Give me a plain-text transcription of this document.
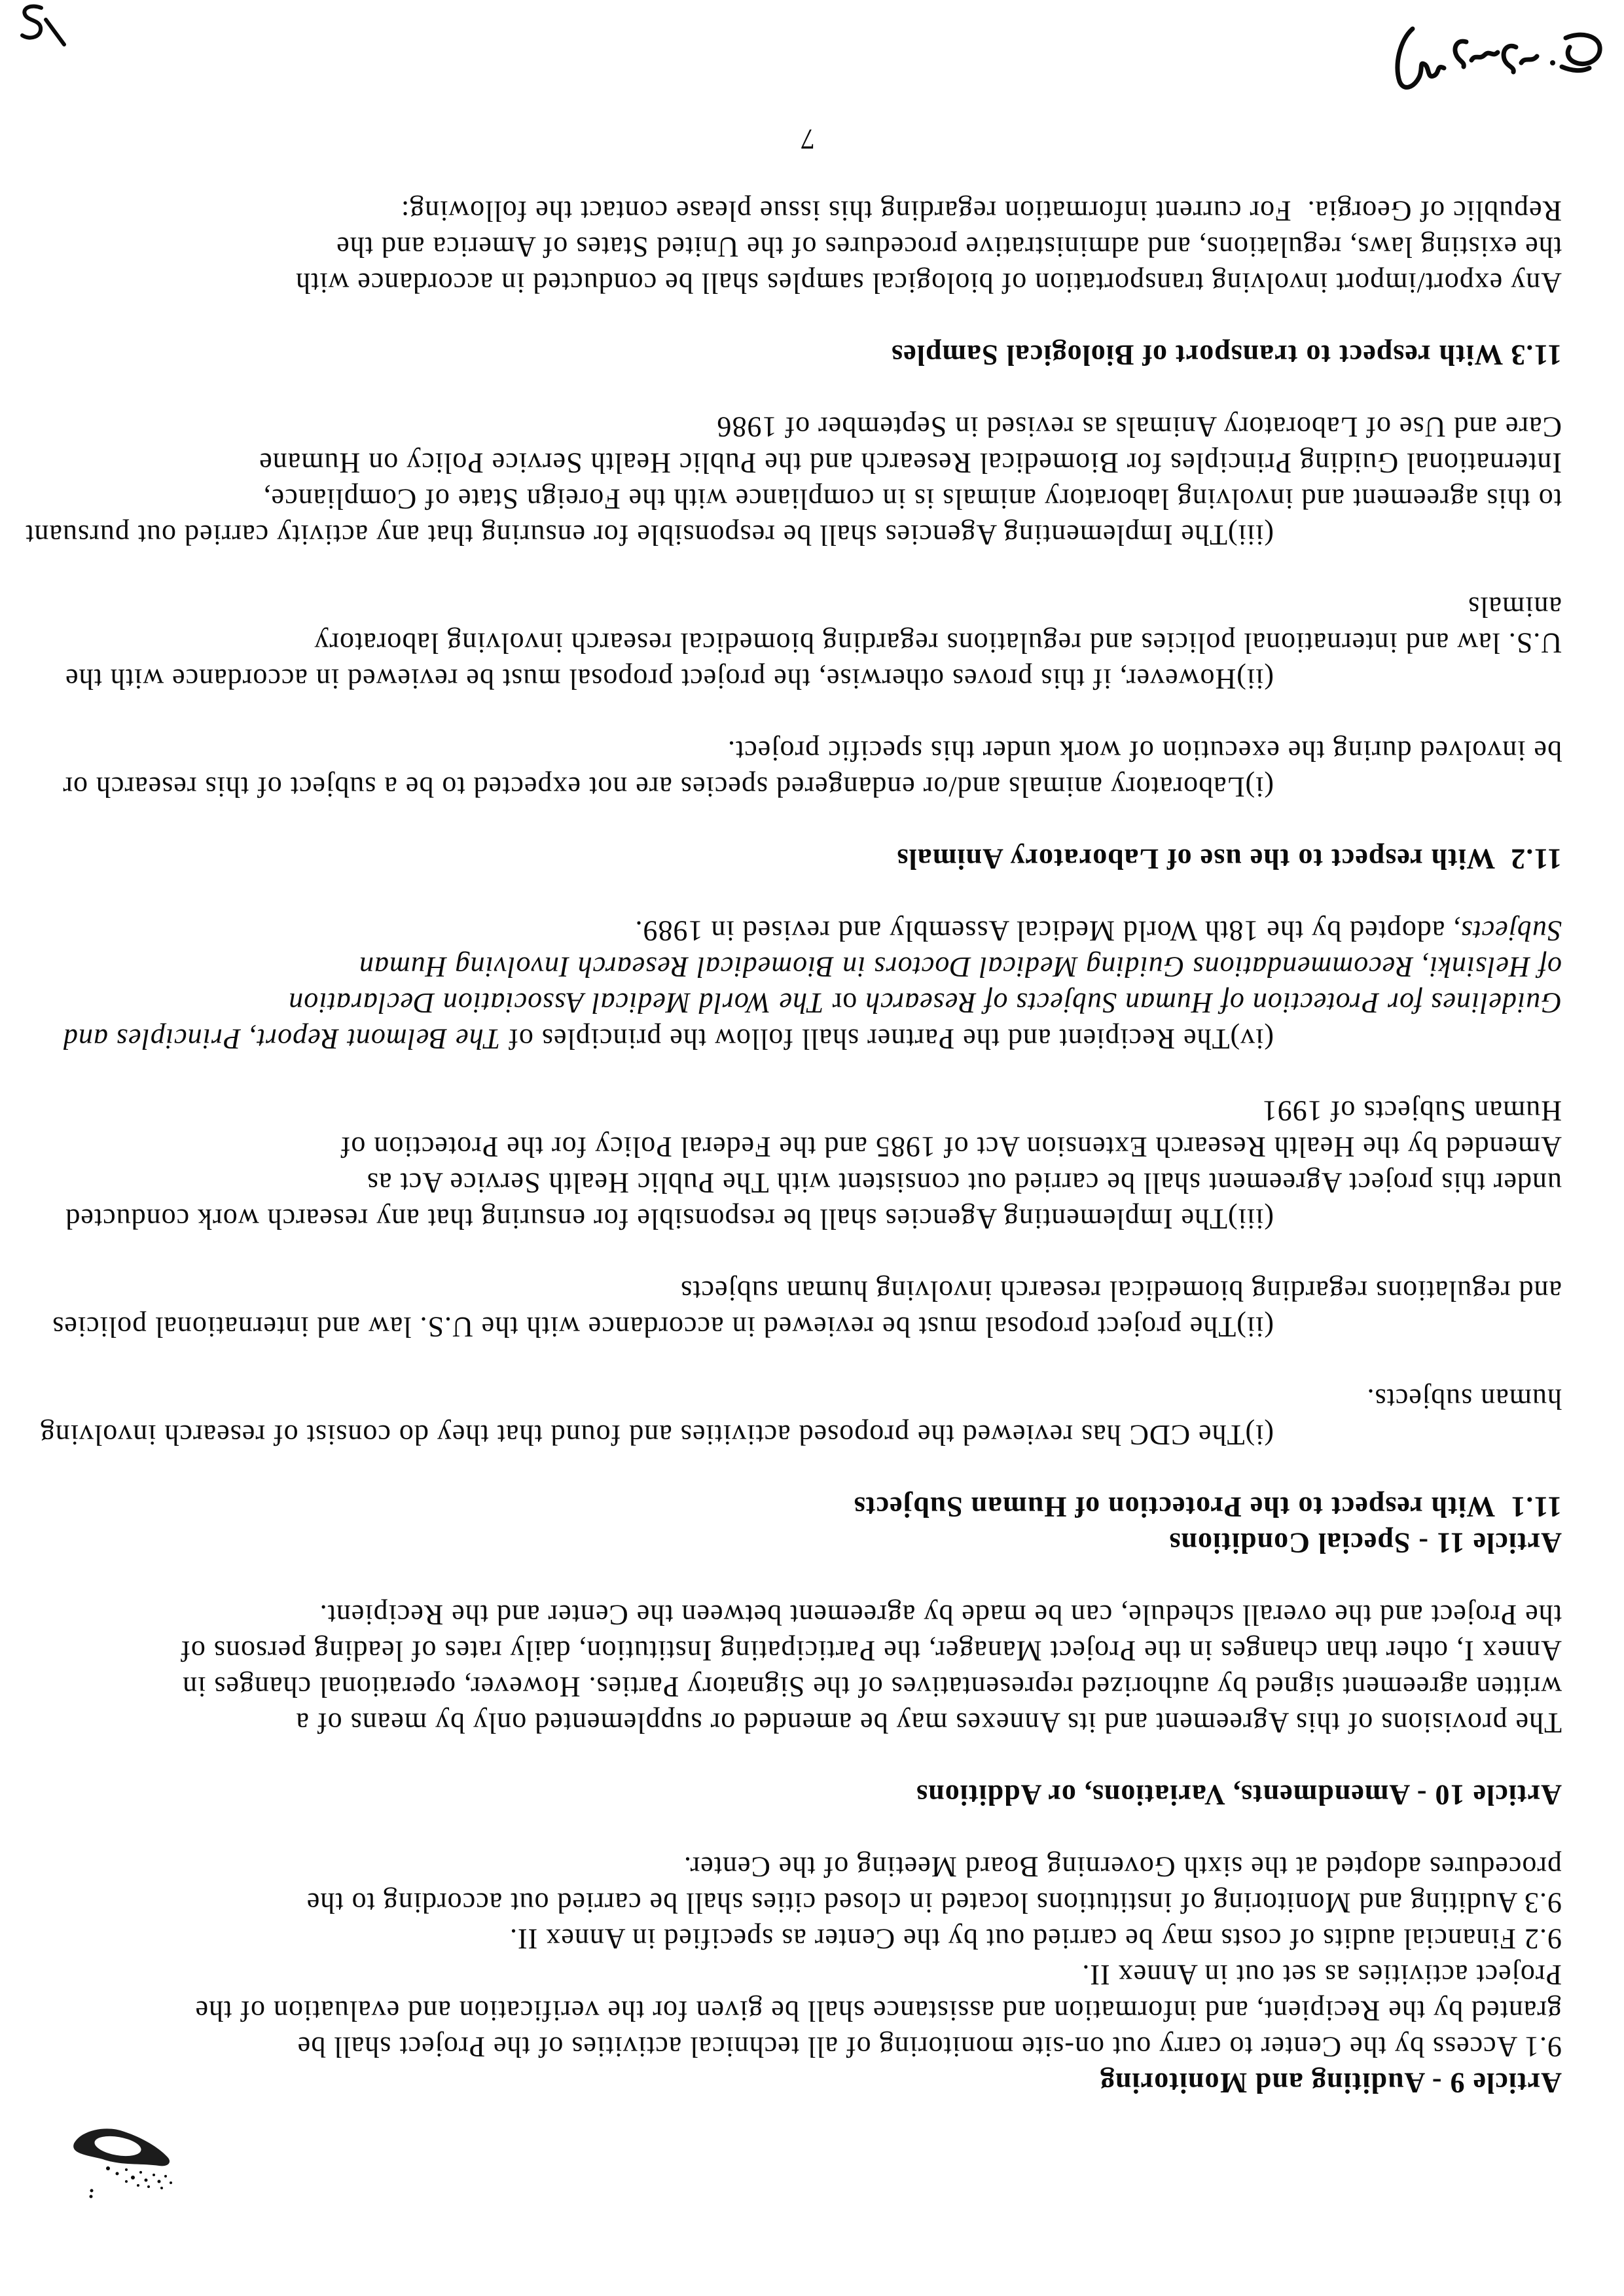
Article 9 - Auditing and Monitoring
9.1 Access by the Center to carry out on-site monitoring of all technical activities of the Project shall be
granted by the Recipient, and information and assistance shall be given for the verification and evaluation of the
Project activities as set out in Annex II.
9.2 Financial audits of costs may be carried out by the Center as specified in Annex II.
9.3 Auditing and Monitoring of institutions located in closed cities shall be carried out according to the
procedures adopted at the sixth Governing Board Meeting of the Center.
Article 10 - Amendments, Variations, or Additions
The provisions of this Agreement and its Annexes may be amended or supplemented only by means of a
written agreement signed by authorized representatives of the Signatory Parties. However, operational changes in
Annex I, other than changes in the Project Manager, the Participating Institution, daily rates of leading persons of
the Project and the overall schedule, can be made by agreement between the Center and the Recipient.
Article 11 - Special Conditions
11.1  With respect to the Protection of Human Subjects
(i)The CDC has reviewed the proposed activities and found that they do consist of research involving
human subjects.
(ii)The project proposal must be reviewed in accordance with the U.S. law and international policies
and regulations regarding biomedical research involving human subjects
(iii)The Implementing Agencies shall be responsible for ensuring that any research work conducted
under this project Agreement shall be carried out consistent with The Public Health Service Act as
Amended by the Health Research Extension Act of 1985 and the Federal Policy for the Protection of
Human Subjects of 1991
(iv)The Recipient and the Partner shall follow the principles of The Belmont Report, Principles and
Guidelines for Protection of Human Subjects of Research or The World Medical Association Declaration
of Helsinki, Recommendations Guiding Medical Doctors in Biomedical Research Involving Human
Subjects, adopted by the 18th World Medical Assembly and revised in 1989.
11.2  With respect to the use of Laboratory Animals
(i)Laboratory animals and/or endangered species are not expected to be a subject of this research or
be involved during the execution of work under this specific project.
(ii)However, if this proves otherwise, the project proposal must be reviewed in accordance with the
U.S. law and international policies and regulations regarding biomedical research involving laboratory
animals
(iii)The Implementing Agencies shall be responsible for ensuring that any activity carried out pursuant
to this agreement and involving laboratory animals is in compliance with the Foreign State of Compliance,
International Guiding Principles for Biomedical Research and the Public Health Service Policy on Humane
Care and Use of Laboratory Animals as revised in September of 1986
11.3 With respect to transport of Biological Samples
Any export/import involving transportation of biological samples shall be conducted in accordance with
the existing laws, regulations, and administrative procedures of the United States of America and the
Republic of Georgia.  For current information regarding this issue please contact the following:
7
